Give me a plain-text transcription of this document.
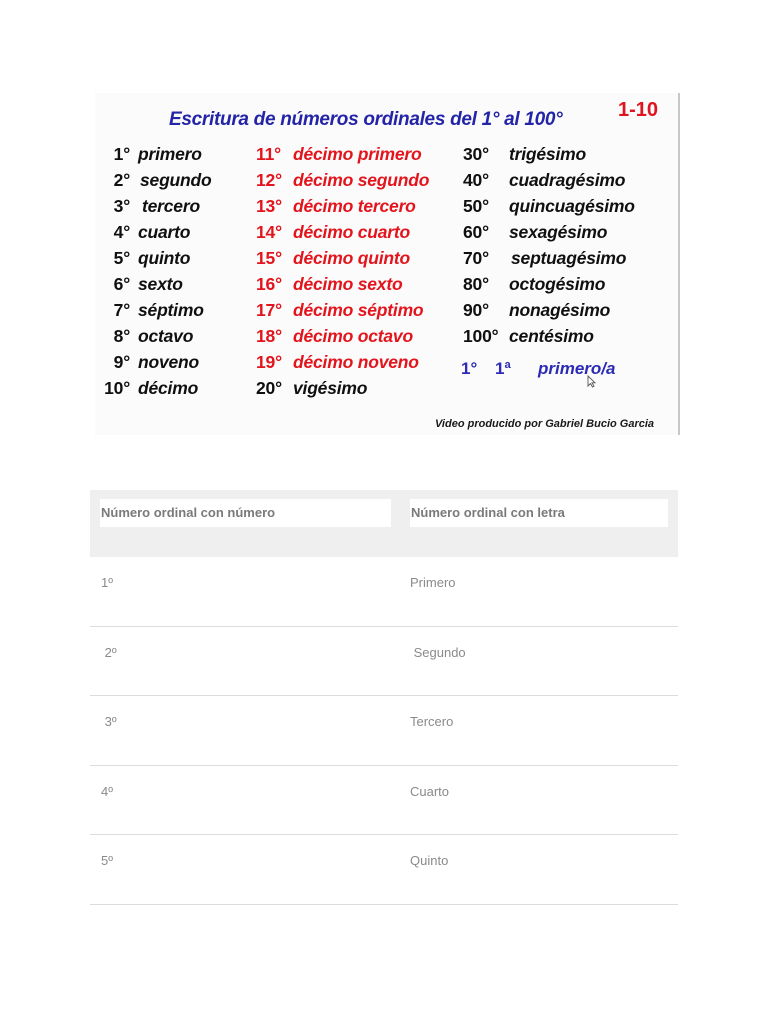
Escritura de números ordinales del 1° al 100°	1-10
1° primero
2° segundo
3° tercero
4° cuarto
5° quinto
6° sexto
7° séptimo
8° octavo
9° noveno
10° décimo
11° décimo primero
12° décimo segundo
13° décimo tercero
14° décimo cuarto
15° décimo quinto
16° décimo sexto
17° décimo séptimo
18° décimo octavo
19° décimo noveno
20° vigésimo
30° trigésimo
40° cuadragésimo
50° quincuagésimo
60° sexagésimo
70° septuagésimo
80° octogésimo
90° nonagésimo
100° centésimo
1° 1ª primero/a
Video producido por Gabriel Bucio Garcia
Número ordinal con número	Número ordinal con letra
1º	Primero
2º	Segundo
3º	Tercero
4º	Cuarto
5º	Quinto
